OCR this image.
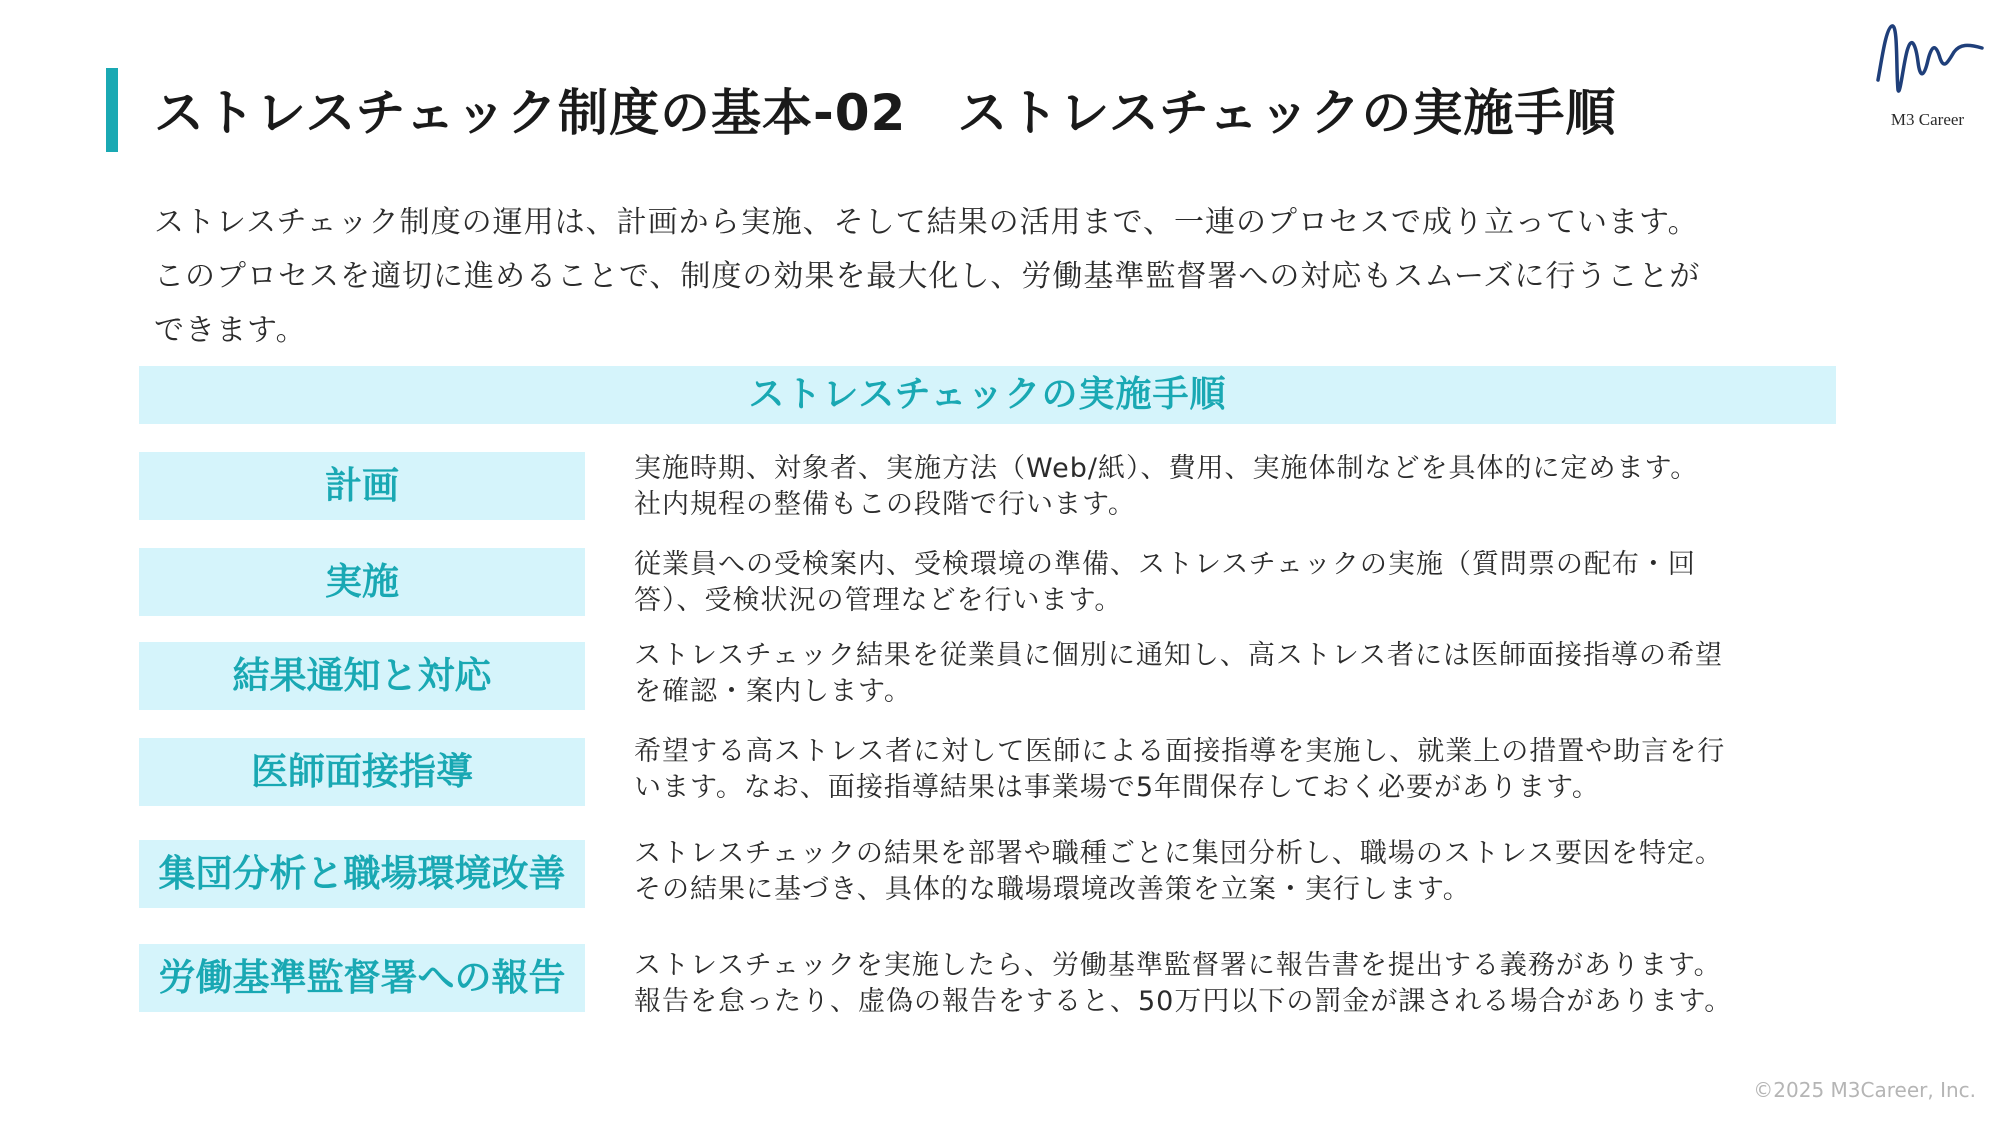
ストレスチェック制度の基本-02　ストレスチェックの実施手順	M3 Career

ストレスチェック制度の運用は、計画から実施、そして結果の活用まで、一連のプロセスで成り立っています。

このプロセスを適切に進めることで、制度の効果を最大化し、労働基準監督署への対応もスムーズに行うことが

できます。

ストレスチェックの実施手順
計画	実施時期、対象者、実施方法（Web/紙）、費用、実施体制などを具体的に定めます。

社内規程の整備もこの段階で行います。

実施	従業員への受検案内、受検環境の準備、ストレスチェックの実施（質問票の配布・回

答）、受検状況の管理などを行います。

結果通知と対応	ストレスチェック結果を従業員に個別に通知し、高ストレス者には医師面接指導の希望

を確認・案内します。

医師面接指導	希望する高ストレス者に対して医師による面接指導を実施し、就業上の措置や助言を行

います。なお、面接指導結果は事業場で5年間保存しておく必要があります。

集団分析と職場環境改善	ストレスチェックの結果を部署や職種ごとに集団分析し、職場のストレス要因を特定。

その結果に基づき、具体的な職場環境改善策を立案・実行します。

労働基準監督署への報告	ストレスチェックを実施したら、労働基準監督署に報告書を提出する義務があります。

報告を怠ったり、虚偽の報告をすると、50万円以下の罰金が課される場合があります。

©2025 M3Career, Inc.
